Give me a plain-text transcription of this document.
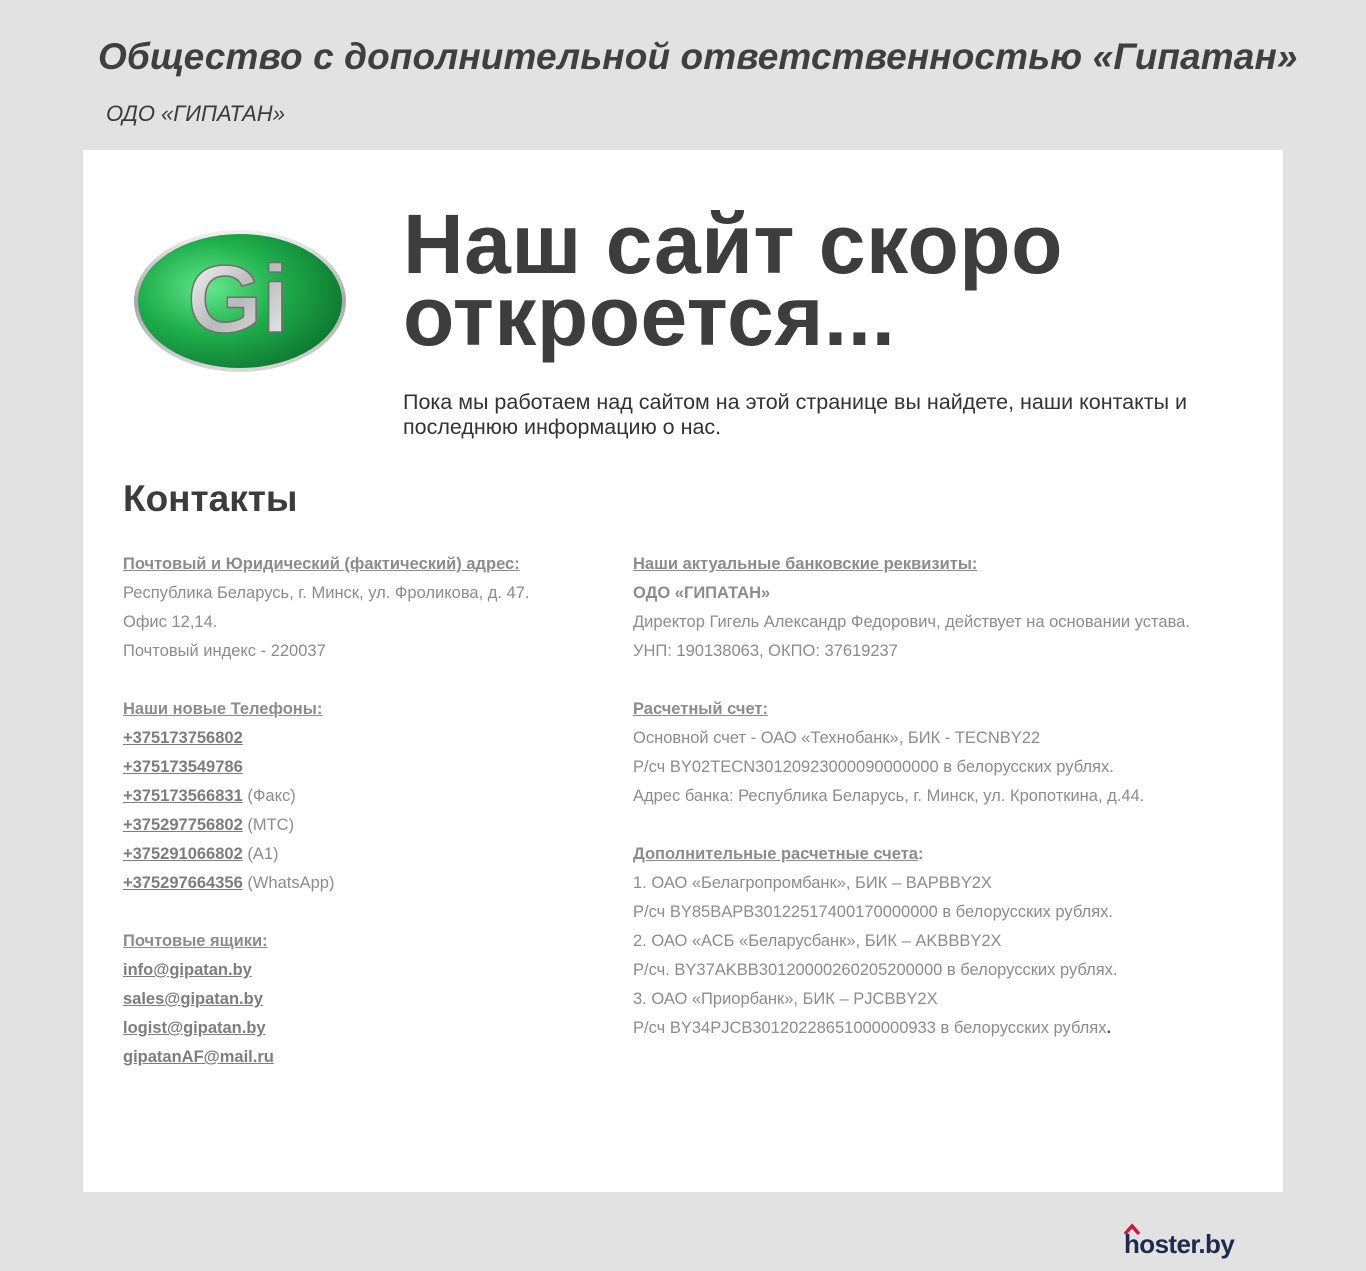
Общество с дополнительной ответственностью «Гипатан»

ОДО «ГИПАТАН»

Gi
Наш сайт скоро
откроется...

Пока мы работаем над сайтом на этой странице вы найдете, наши контакты и последнюю информацию о нас.

Контакты
Почтовый и Юридический (фактический) адрес:
Республика Беларусь, г. Минск, ул. Фроликова, д. 47.
Офис 12,14.
Почтовый индекс - 220037
Наши новые Телефоны:
+375173756802
+375173549786
+375173566831 (Факс)
+375297756802 (МТС)
+375291066802 (А1)
+375297664356 (WhatsApp)
Почтовые ящики:
info@gipatan.by
sales@gipatan.by
logist@gipatan.by
gipatanAF@mail.ru
Наши актуальные банковские реквизиты:
ОДО «ГИПАТАН»
Директор Гигель Александр Федорович, действует на основании устава.
УНП: 190138063, ОКПО: 37619237
Расчетный счет:
Основной счет - ОАО «Технобанк», БИК - TECNBY22
Р/сч BY02TECN30120923000090000000 в белорусских рублях.
Адрес банка: Республика Беларусь, г. Минск, ул. Кропоткина, д.44.
Дополнительные расчетные счета:
1. ОАО «Белагропромбанк», БИК – BAPBBY2X
Р/сч BY85BAPB30122517400170000000 в белорусских рублях.
2. ОАО «АСБ «Беларусбанк», БИК – AKBBBY2X
Р/сч. BY37AKBB30120000260205200000 в белорусских рублях.
3. ОАО «Приорбанк», БИК – PJCBBY2X
Р/сч BY34PJCB30120228651000000933 в белорусских рублях.
hoster.by
